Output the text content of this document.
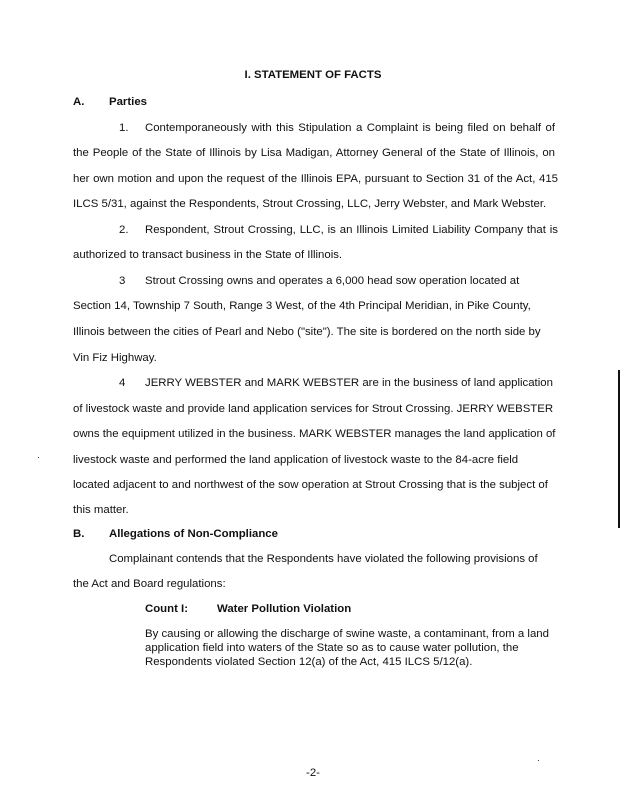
I. STATEMENT OF FACTS
A. Parties
1. Contemporaneously with this Stipulation a Complaint is being filed on behalf of
the People of the State of Illinois by Lisa Madigan, Attorney General of the State of Illinois, on
her own motion and upon the request of the Illinois EPA, pursuant to Section 31 of the Act, 415
ILCS 5/31, against the Respondents, Strout Crossing, LLC, Jerry Webster, and Mark Webster.
2. Respondent, Strout Crossing, LLC, is an Illinois Limited Liability Company that is
authorized to transact business in the State of Illinois.
3 Strout Crossing owns and operates a 6,000 head sow operation located at
Section 14, Township 7 South, Range 3 West, of the 4th Principal Meridian, in Pike County,
Illinois between the cities of Pearl and Nebo ("site"). The site is bordered on the north side by
Vin Fiz Highway.
4 JERRY WEBSTER and MARK WEBSTER are in the business of land application
of livestock waste and provide land application services for Strout Crossing. JERRY WEBSTER
owns the equipment utilized in the business. MARK WEBSTER manages the land application of
livestock waste and performed the land application of livestock waste to the 84-acre field
located adjacent to and northwest of the sow operation at Strout Crossing that is the subject of
this matter.
B. Allegations of Non-Compliance
Complainant contends that the Respondents have violated the following provisions of
the Act and Board regulations:
Count I:	Water Pollution Violation
By causing or allowing the discharge of swine waste, a contaminant, from a land
application field into waters of the State so as to cause water pollution, the
Respondents violated Section 12(a) of the Act, 415 ILCS 5/12(a).
-2-
